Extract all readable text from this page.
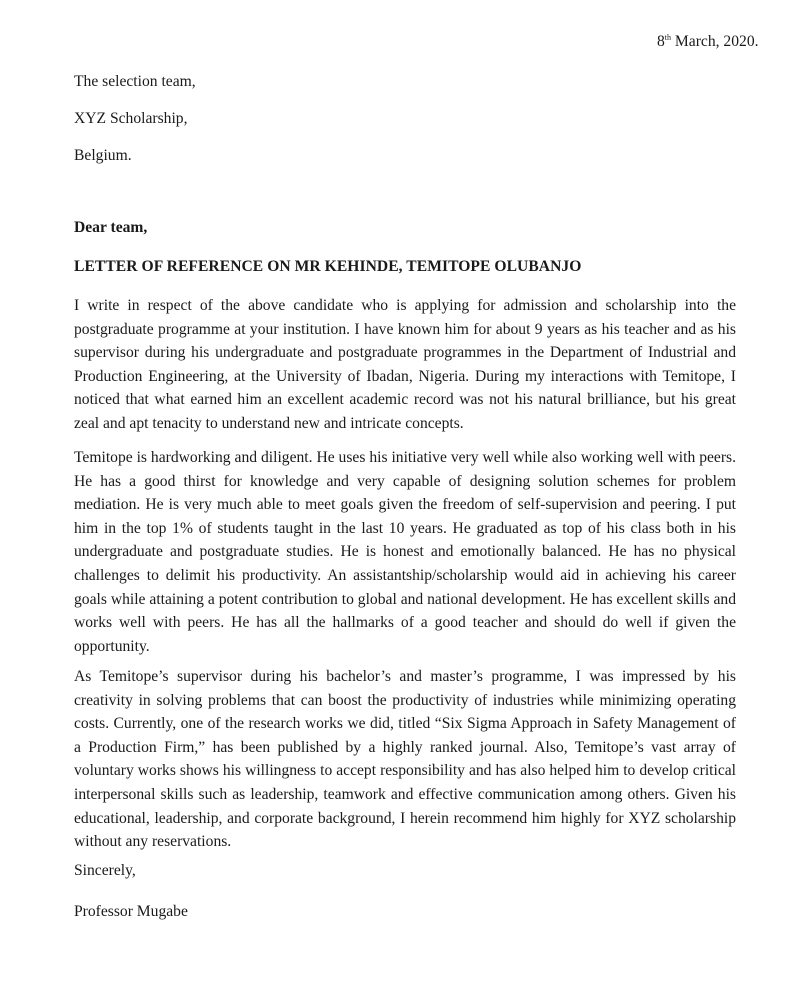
8th March, 2020.
The selection team,
XYZ Scholarship,
Belgium.
Dear team,
LETTER OF REFERENCE ON MR KEHINDE, TEMITOPE OLUBANJO

I write in respect of the above candidate who is applying for admission and scholarship into the postgraduate programme at your institution. I have known him for about 9 years as his teacher and as his supervisor during his undergraduate and postgraduate programmes in the Department of Industrial and Production Engineering, at the University of Ibadan, Nigeria. During my interactions with Temitope, I noticed that what earned him an excellent academic record was not his natural brilliance, but his great zeal and apt tenacity to understand new and intricate concepts.

Temitope is hardworking and diligent. He uses his initiative very well while also working well with peers. He has a good thirst for knowledge and very capable of designing solution schemes for problem mediation. He is very much able to meet goals given the freedom of self-supervision and peering. I put him in the top 1% of students taught in the last 10 years. He graduated as top of his class both in his undergraduate and postgraduate studies. He is honest and emotionally balanced. He has no physical challenges to delimit his productivity. An assistantship/scholarship would aid in achieving his career goals while attaining a potent contribution to global and national development. He has excellent skills and works well with peers. He has all the hallmarks of a good teacher and should do well if given the opportunity.

As Temitope’s supervisor during his bachelor’s and master’s programme, I was impressed by his creativity in solving problems that can boost the productivity of industries while minimizing operating costs. Currently, one of the research works we did, titled “Six Sigma Approach in Safety Management of a Production Firm,” has been published by a highly ranked journal. Also, Temitope’s vast array of voluntary works shows his willingness to accept responsibility and has also helped him to develop critical interpersonal skills such as leadership, teamwork and effective communication among others. Given his educational, leadership, and corporate background, I herein recommend him highly for XYZ scholarship without any reservations.

Sincerely,
Professor Mugabe
